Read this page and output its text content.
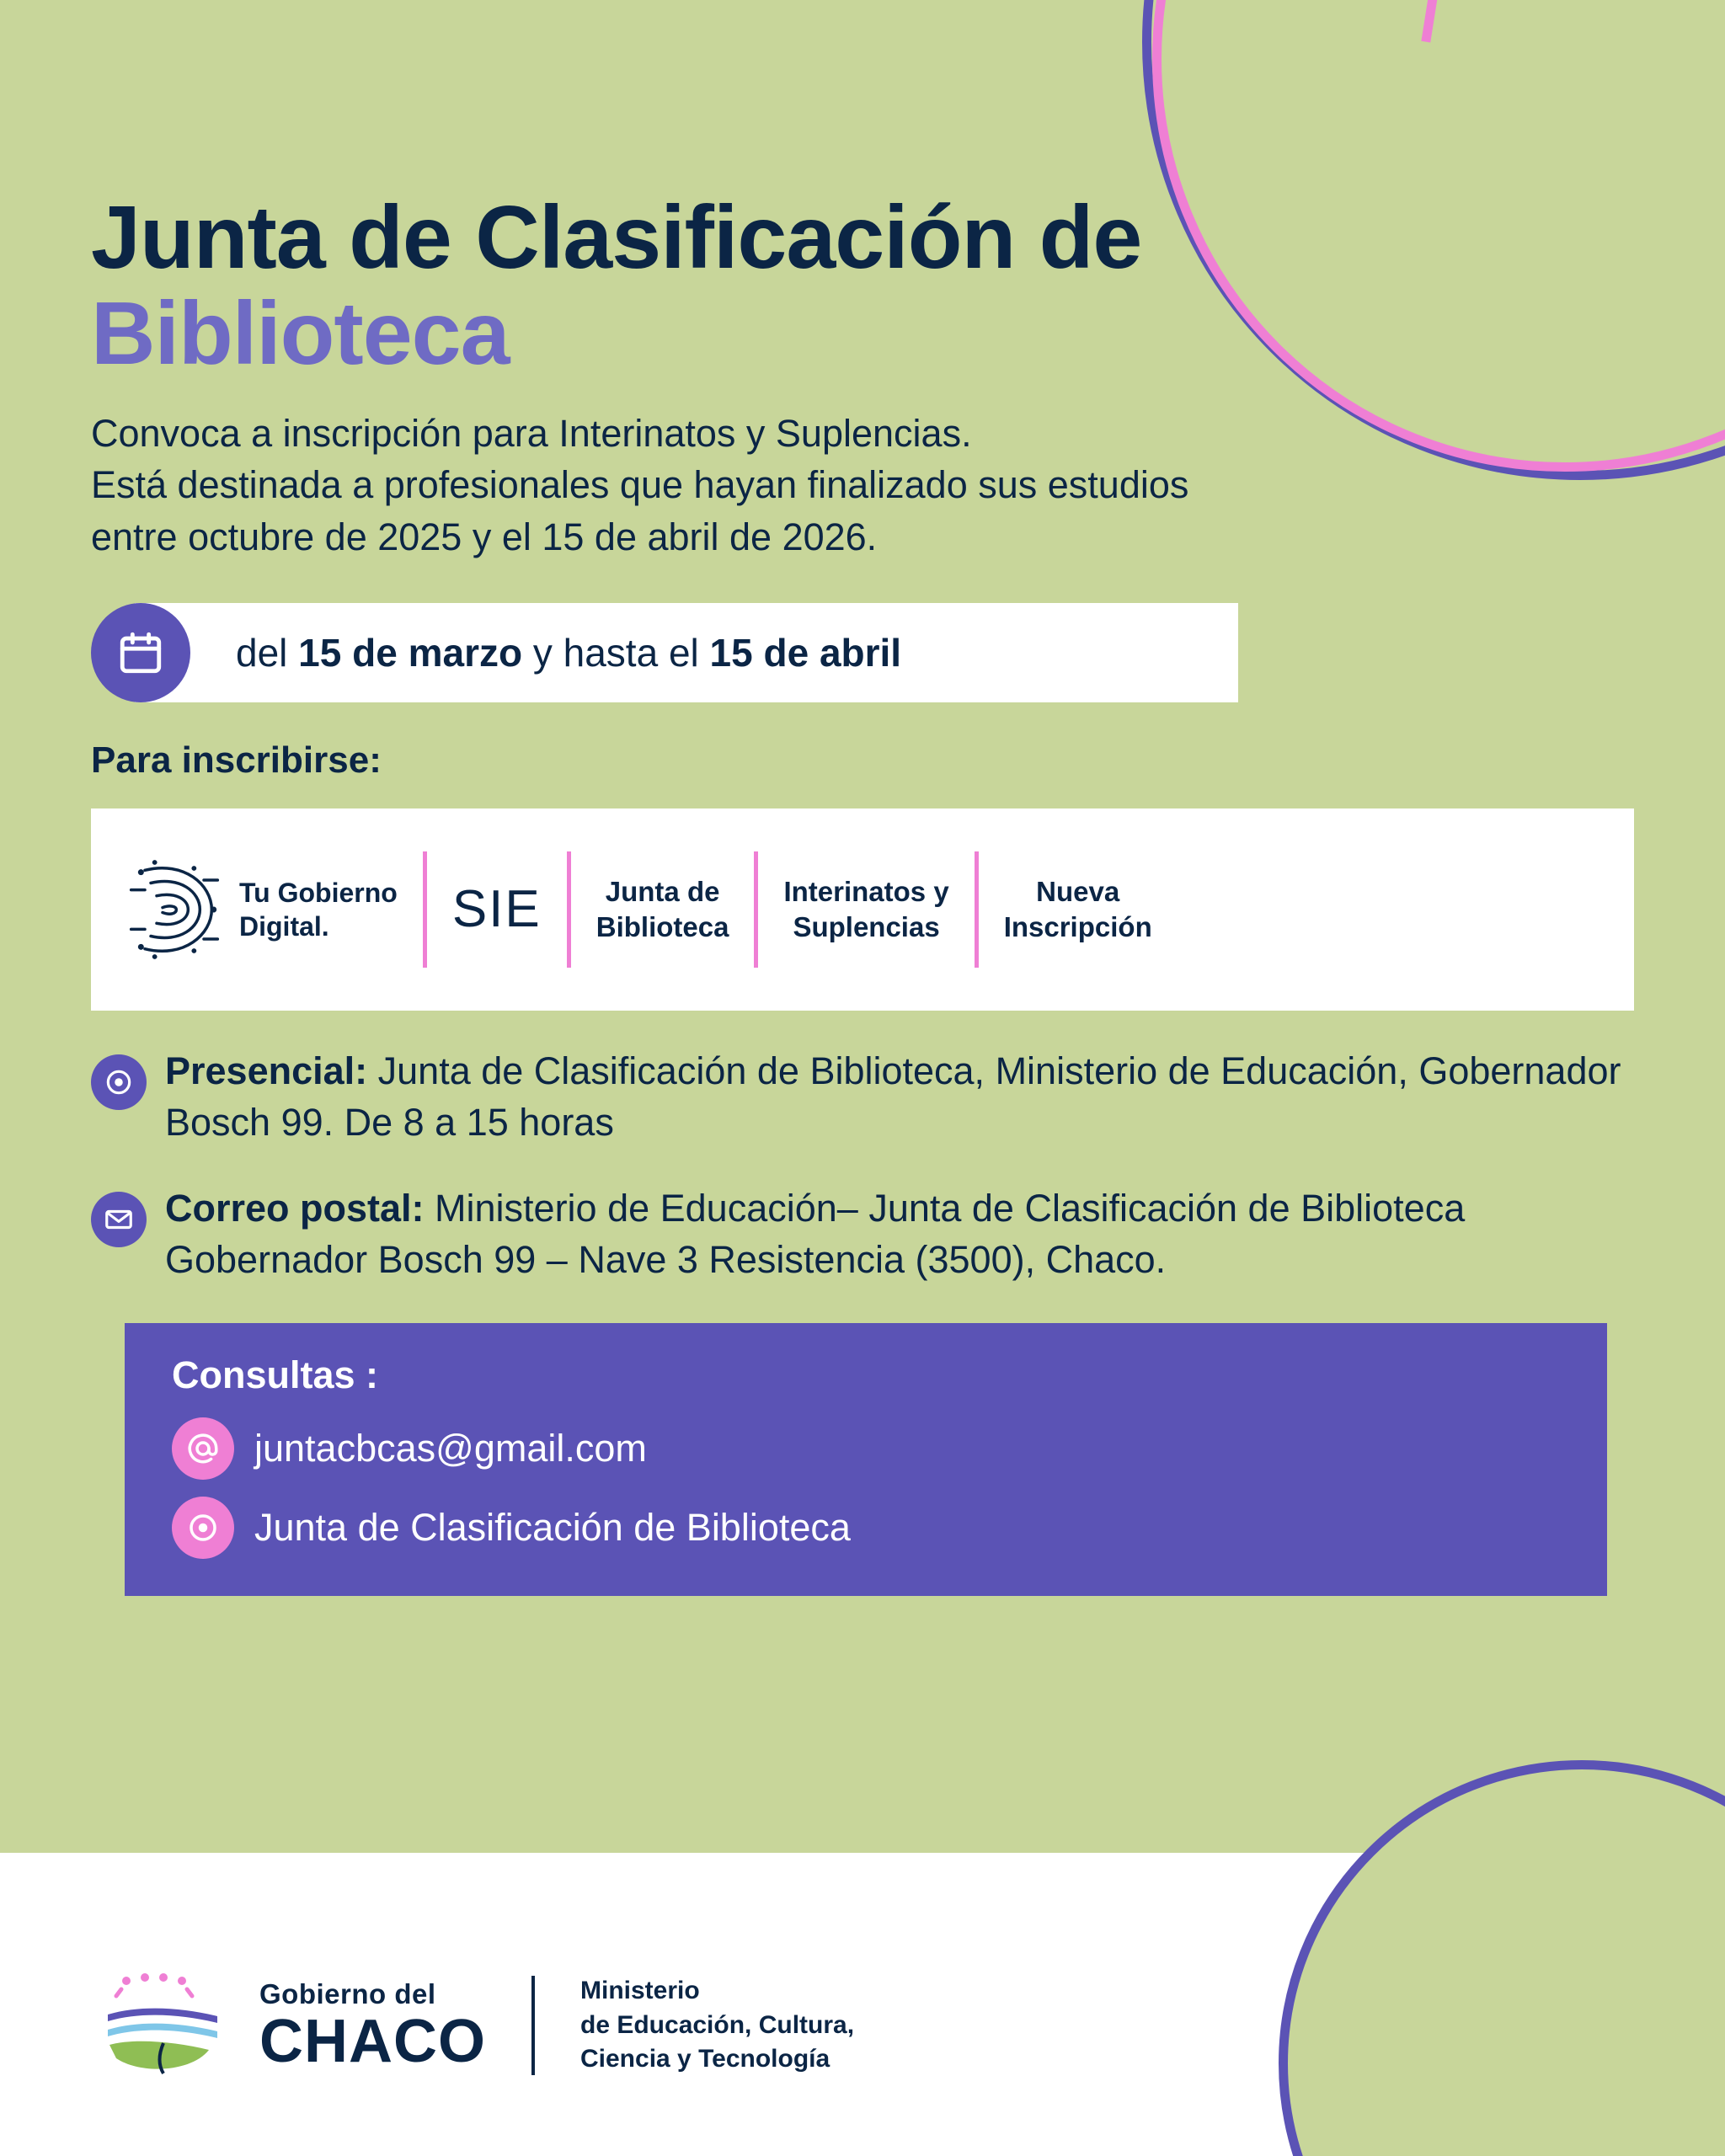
Junta de Clasificación de
Biblioteca

Convoca a inscripción para Interinatos y Suplencias.
Está destinada a profesionales que hayan finalizado sus estudios
entre octubre de 2025 y el 15 de abril de 2026.

del 15 de marzo y hasta el 15 de abril
Para inscribirse:
Tu Gobierno
Digital.	SIE	Junta de
Biblioteca
Interinatos y
Suplencias
Nueva
Inscripción
Presencial: Junta de Clasificación de Biblioteca, Ministerio de Educación, Gobernador Bosch 99. De 8 a 15 horas
Correo postal: Ministerio de Educación– Junta de Clasificación de Biblioteca Gobernador Bosch 99 – Nave 3 Resistencia (3500), Chaco.
Consultas :
juntacbcas@gmail.com
Junta de Clasificación de Biblioteca
Gobierno del
CHACO
Ministerio
de Educación, Cultura,
Ciencia y Tecnología
